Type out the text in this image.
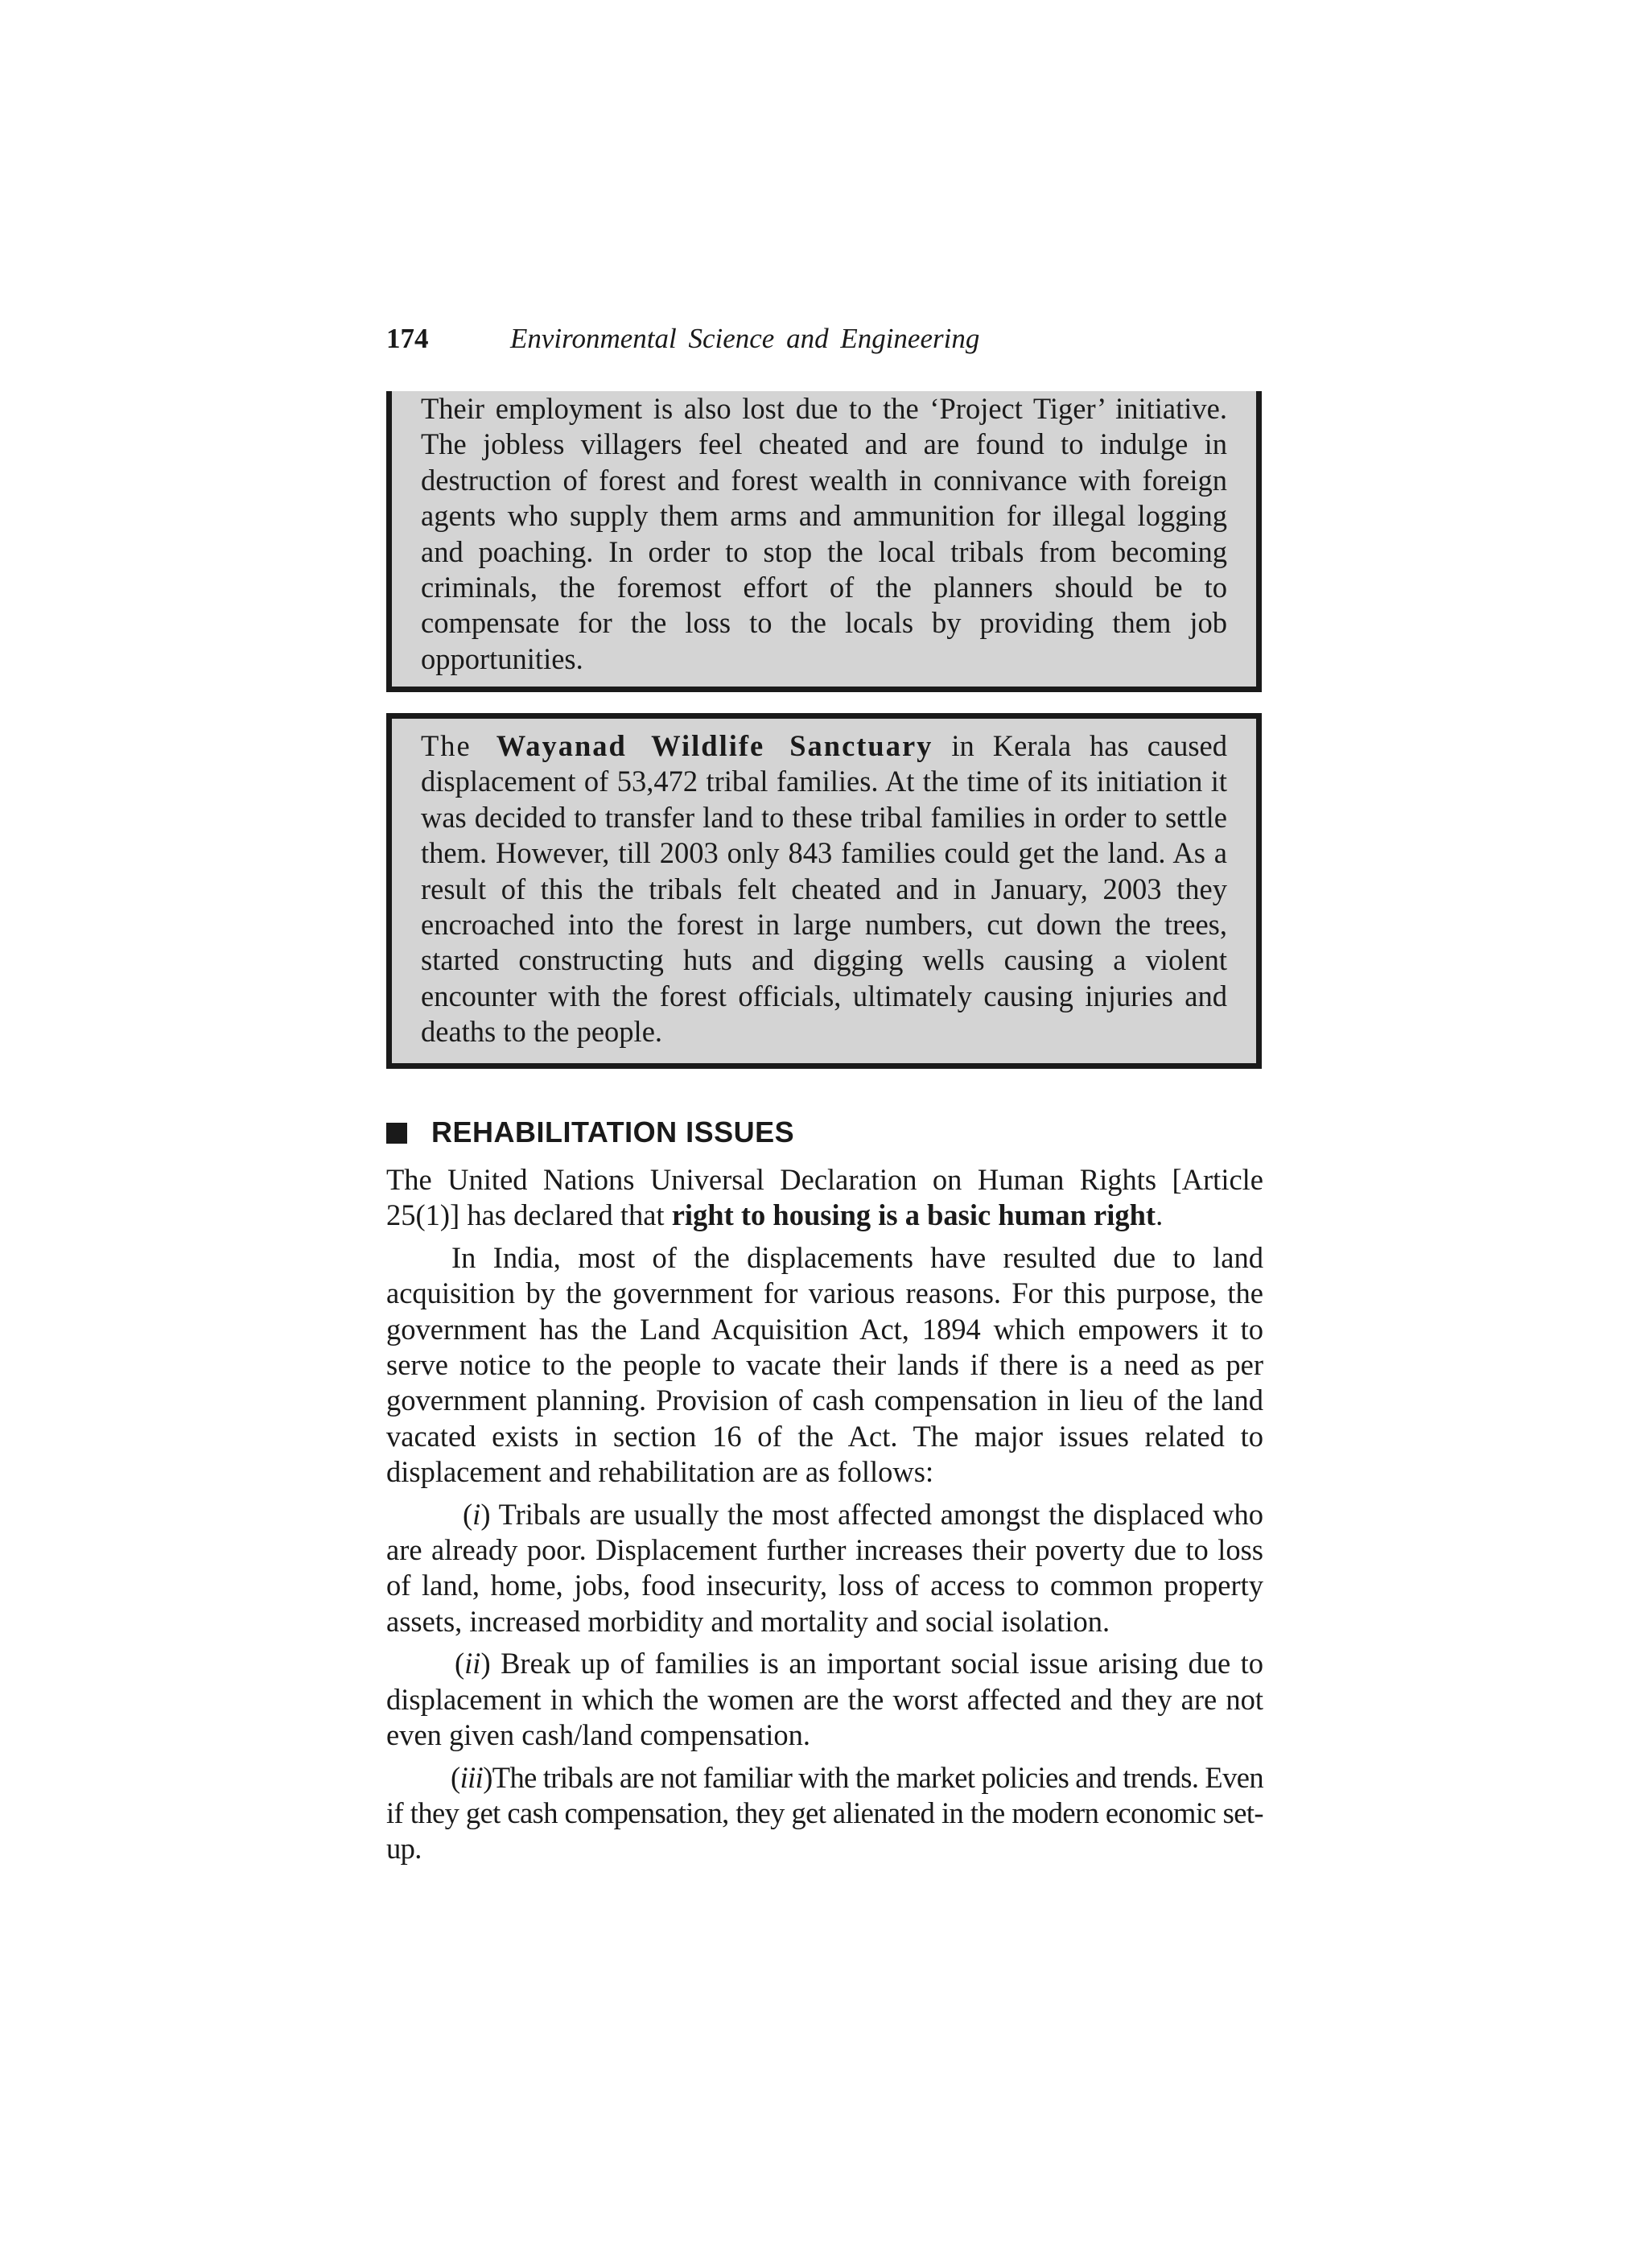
174	Environmental Science and Engineering

Their employment is also lost due to the ‘Project Tiger’ initiative. The jobless villagers feel cheated and are found to indulge in destruction of forest and forest wealth in connivance with foreign agents who supply them arms and ammunition for illegal logging and poaching. In order to stop the local tribals from becoming criminals, the foremost effort of the planners should be to compensate for the loss to the locals by providing them job opportunities.

The Wayanad Wildlife Sanctuary in Kerala has caused displacement of 53,472 tribal families. At the time of its initiation it was decided to transfer land to these tribal families in order to settle them. However, till 2003 only 843 families could get the land. As a result of this the tribals felt cheated and in January, 2003 they encroached into the forest in large numbers, cut down the trees, started constructing huts and digging wells causing a violent encounter with the forest officials, ultimately causing injuries and deaths to the people.

REHABILITATION ISSUES

The United Nations Universal Declaration on Human Rights [Article 25(1)] has declared that right to housing is a basic human right.

In India, most of the displacements have resulted due to land acquisition by the government for various reasons. For this purpose, the government has the Land Acquisition Act, 1894 which empowers it to serve notice to the people to vacate their lands if there is a need as per government planning. Provision of cash compensation in lieu of the land vacated exists in section 16 of the Act. The major issues related to displacement and rehabilitation are as follows:

(i) Tribals are usually the most affected amongst the displaced who are already poor. Displacement further increases their poverty due to loss of land, home, jobs, food insecurity, loss of access to common property assets, increased morbidity and mortality and social isolation.

(ii) Break up of families is an important social issue arising due to displacement in which the women are the worst affected and they are not even given cash/land compensation.

(iii)The tribals are not familiar with the market policies and trends. Even if they get cash compensation, they get alienated in the modern economic set-up.
